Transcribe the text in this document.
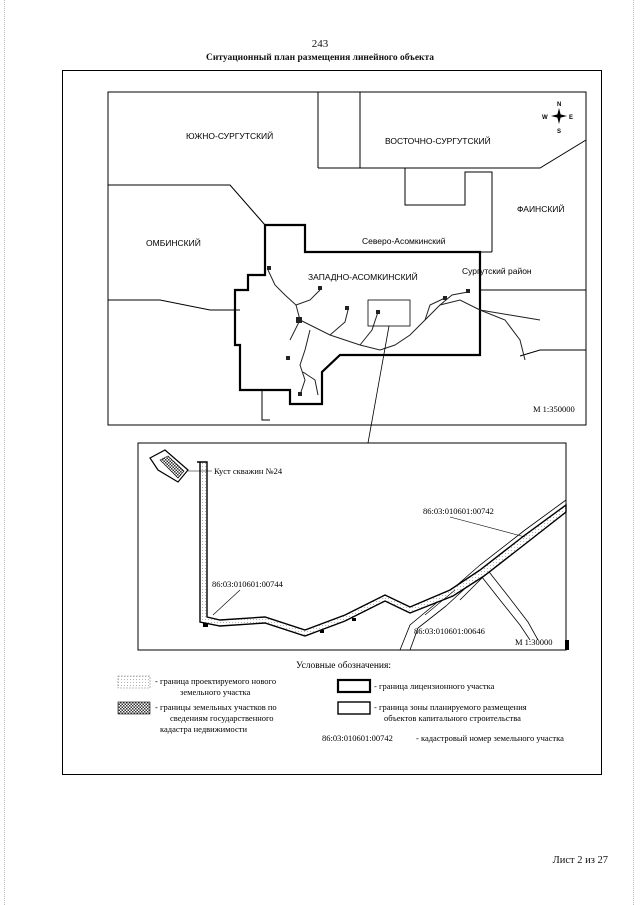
243
Ситуационный план размещения линейного объекта
ЮЖНО-СУРГУТСКИЙ	ВОСТОЧНО-СУРГУТСКИЙ
ФАИНСКИЙ
ОМБИНСКИЙ	Северо-Асомкинский
ЗАПАДНО-АСОМКИНСКИЙ
Сургутский район
М 1:350000
N
S
E
W
Куст скважин №24
86:03:010601:00742
86:03:010601:00744
86:03:010601:00646
М 1:30000
Условные обозначения:
- граница проектируемого нового
земельного участка
- границы земельных участков по
сведениям государственного
кадастра недвижимости
- граница лицензионного участка
- граница зоны планируемого размещения
объектов капитального строительства
86:03:010601:00742	- кадастровый номер земельного участка
Лист 2 из 27
